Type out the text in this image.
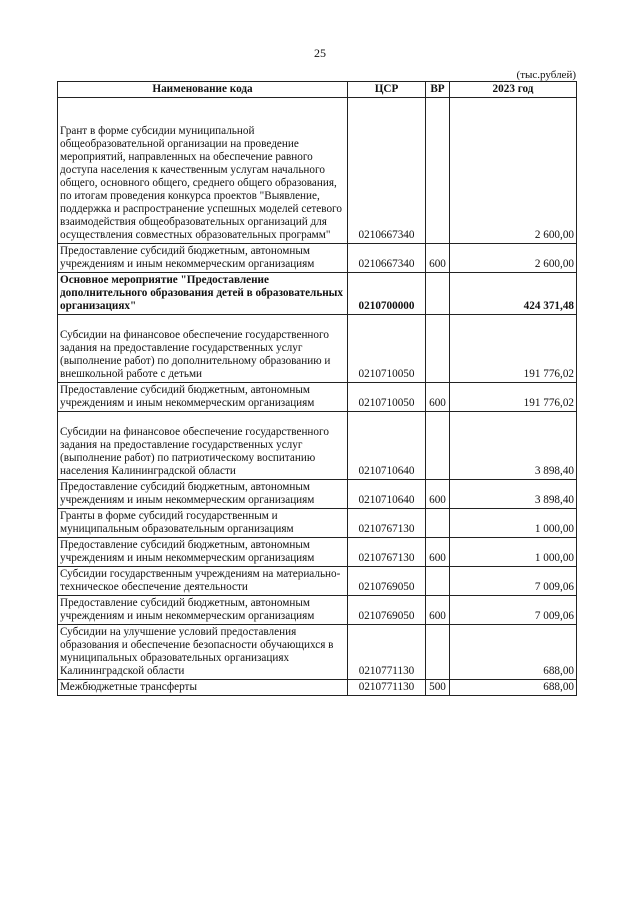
25
(тыс.рублей)
Наименование кода	ЦСР	ВР	2023 год

Грант в форме субсидии муниципальной общеобразовательной организации на проведение мероприятий, направленных на обеспечение равного доступа населения к качественным услугам начального общего, основного общего, среднего общего образования, по итогам проведения конкурса проектов "Выявление, поддержка и распространение успешных моделей сетевого взаимодействия общеобразовательных организаций для осуществления совместных образовательных программ"	0210667340		2 600,00
Предоставление субсидий бюджетным, автономным учреждениям и иным некоммерческим организациям	0210667340	600	2 600,00
Основное мероприятие "Предоставление дополнительного образования детей в образовательных организациях"	0210700000		424 371,48

Субсидии на финансовое обеспечение государственного задания на предоставление государственных услуг (выполнение работ) по дополнительному образованию и внешкольной работе с детьми	0210710050		191 776,02
Предоставление субсидий бюджетным, автономным учреждениям и иным некоммерческим организациям	0210710050	600	191 776,02

Субсидии на финансовое обеспечение государственного задания на предоставление государственных услуг (выполнение работ) по патриотическому воспитанию населения Калининградской области	0210710640		3 898,40
Предоставление субсидий бюджетным, автономным учреждениям и иным некоммерческим организациям	0210710640	600	3 898,40
Гранты в форме субсидий государственным и муниципальным образовательным организациям	0210767130		1 000,00
Предоставление субсидий бюджетным, автономным учреждениям и иным некоммерческим организациям	0210767130	600	1 000,00
Субсидии государственным учреждениям на материально-техническое обеспечение деятельности	0210769050		7 009,06
Предоставление субсидий бюджетным, автономным учреждениям и иным некоммерческим организациям	0210769050	600	7 009,06
Субсидии на улучшение условий предоставления образования и обеспечение безопасности обучающихся в муниципальных образовательных организациях Калининградской области	0210771130		688,00
Межбюджетные трансферты	0210771130	500	688,00
